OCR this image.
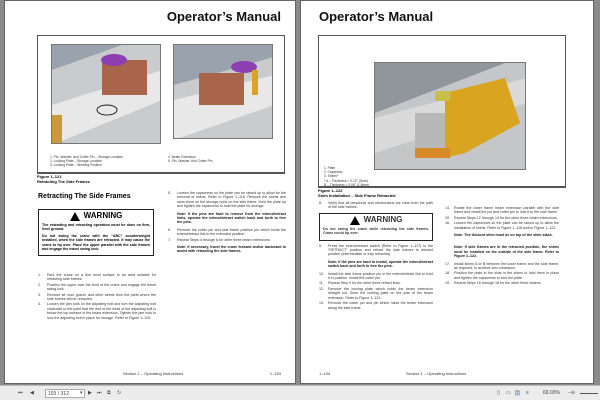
Operator’s Manual
1. Pin, Washer, And Cotter Pin – Storage Location
2. Locking Plate – Storage Location
3. Locking Plate – Working Position
4. Beam Extension
5. Pin, Washer, And Cotter Pin
Figure 1–121
Retracting The Side Frames
Retracting The Side Frames
WARNING

The extending and retracting operation must be done on firm, level ground.

Do not swing the crane with the “ABC” counterweight installed, when the side frames are retracted. It may cause the crane to tip over. Place the upper parallel with the side frames and engage the travel swing lock.

1.	Park the crane on a firm level surface in an area suitable for retracting side frames.
2.	Position the upper over the front of the crane and engage the travel swing lock.
3.	Remove all mud, gravel, and other debris from the parts where the side frames will be retracted.
4.	Loosen the jam nuts on the adjusting bolt and turn the adjusting bolt clockwise to the point that the end of the head of the adjusting bolt is below the top surface of the beam extension. Tighten the jam nuts to lock the adjusting bolt in place for storage. Refer to Figure 1–120.
5.	Loosen the capscrews so the plate can be raised up to allow for the removal of shims. Refer to Figure 1–118. Remove the shims and store them on the storage hook on the side frame. Hold the plate up and tighten the capscrews to hold the plate for storage.
Note: If the pins are hard to remove from the extend/retract links, operate the extend/retract switch back and forth to free the pins.
6.	Remove the cotter pin and side frame position pin which holds the extend/retract link in the extended position.
7.	Repeat Steps 4 through 6 for other three beam extensions.
Note: If necessary, travel the crane forward and/or backward to assist with retracting the side frames.
Section 1 – Operating Instructions	1–193
Operator’s Manual
1. Plate
2. Capscrew
3. Shims*
* A – Thickness = 0.12” (3mm)
B – Thickness = 0.06” (1.5mm)
Figure 1–122
Shim Installation – Side Frame Retracted
8.	Verify that all personnel and obstructions are clear from the path of the side frames.
WARNING

Do not swing the crane while retracting the side frames. Crane could tip over.

9.	Press the extend/retract switch (Refer to Figure 1–117) to the “RETRACT” position and retract the side frames to desired position (intermediate or fully retracted).
Note: If the pins are hard to install, operate the extend/retract switch back and forth to free the pins.
10.	Install the side frame position pin in the extend/retract link to hold it in position. Install the cotter pin.
11.	Repeat Step 9 for the other three retract links.
12.	Remove the locking plate which holds the beam extension straight out. Store the locking plate on the side of the beam extension. Refer to Figure 1–121.
13.	Remove the cotter pin and pin which holds the beam extension along the side frame.
14.	Rotate the lower frame beam extension parallel with the side frame and install the pin and cotter pin to lock it to the side frame.
15.	Repeat Steps 12 through 14 for the other three beam extensions.
16.	Loosen the capscrews so the plate can be raised up to allow the installation of shims. Refer to Figure 1–118 and/or Figure 1–122.
Note: The thickest shim must be on top of the shim stack.
Note: If side frames are in the retracted position, the shims must be installed on the outside of the side frame. Refer to Figure 1–122.
17.	Install shims A or B between the lower frame and the side frame, as required, to achieve zero clearance.
18.	Position the plate in the slots in the shims to hold them in place and tighten the capscrews to lock the plate.
19.	Repeat Steps 16 through 18 for the other three beams.
1–194	Section 1 – Operating Instructions
⏮ ◀	193 / 312	▾ ▶ ⏭ ⧉ ↻	▯ ▭ ◫ ≡	69.03% −⊖
